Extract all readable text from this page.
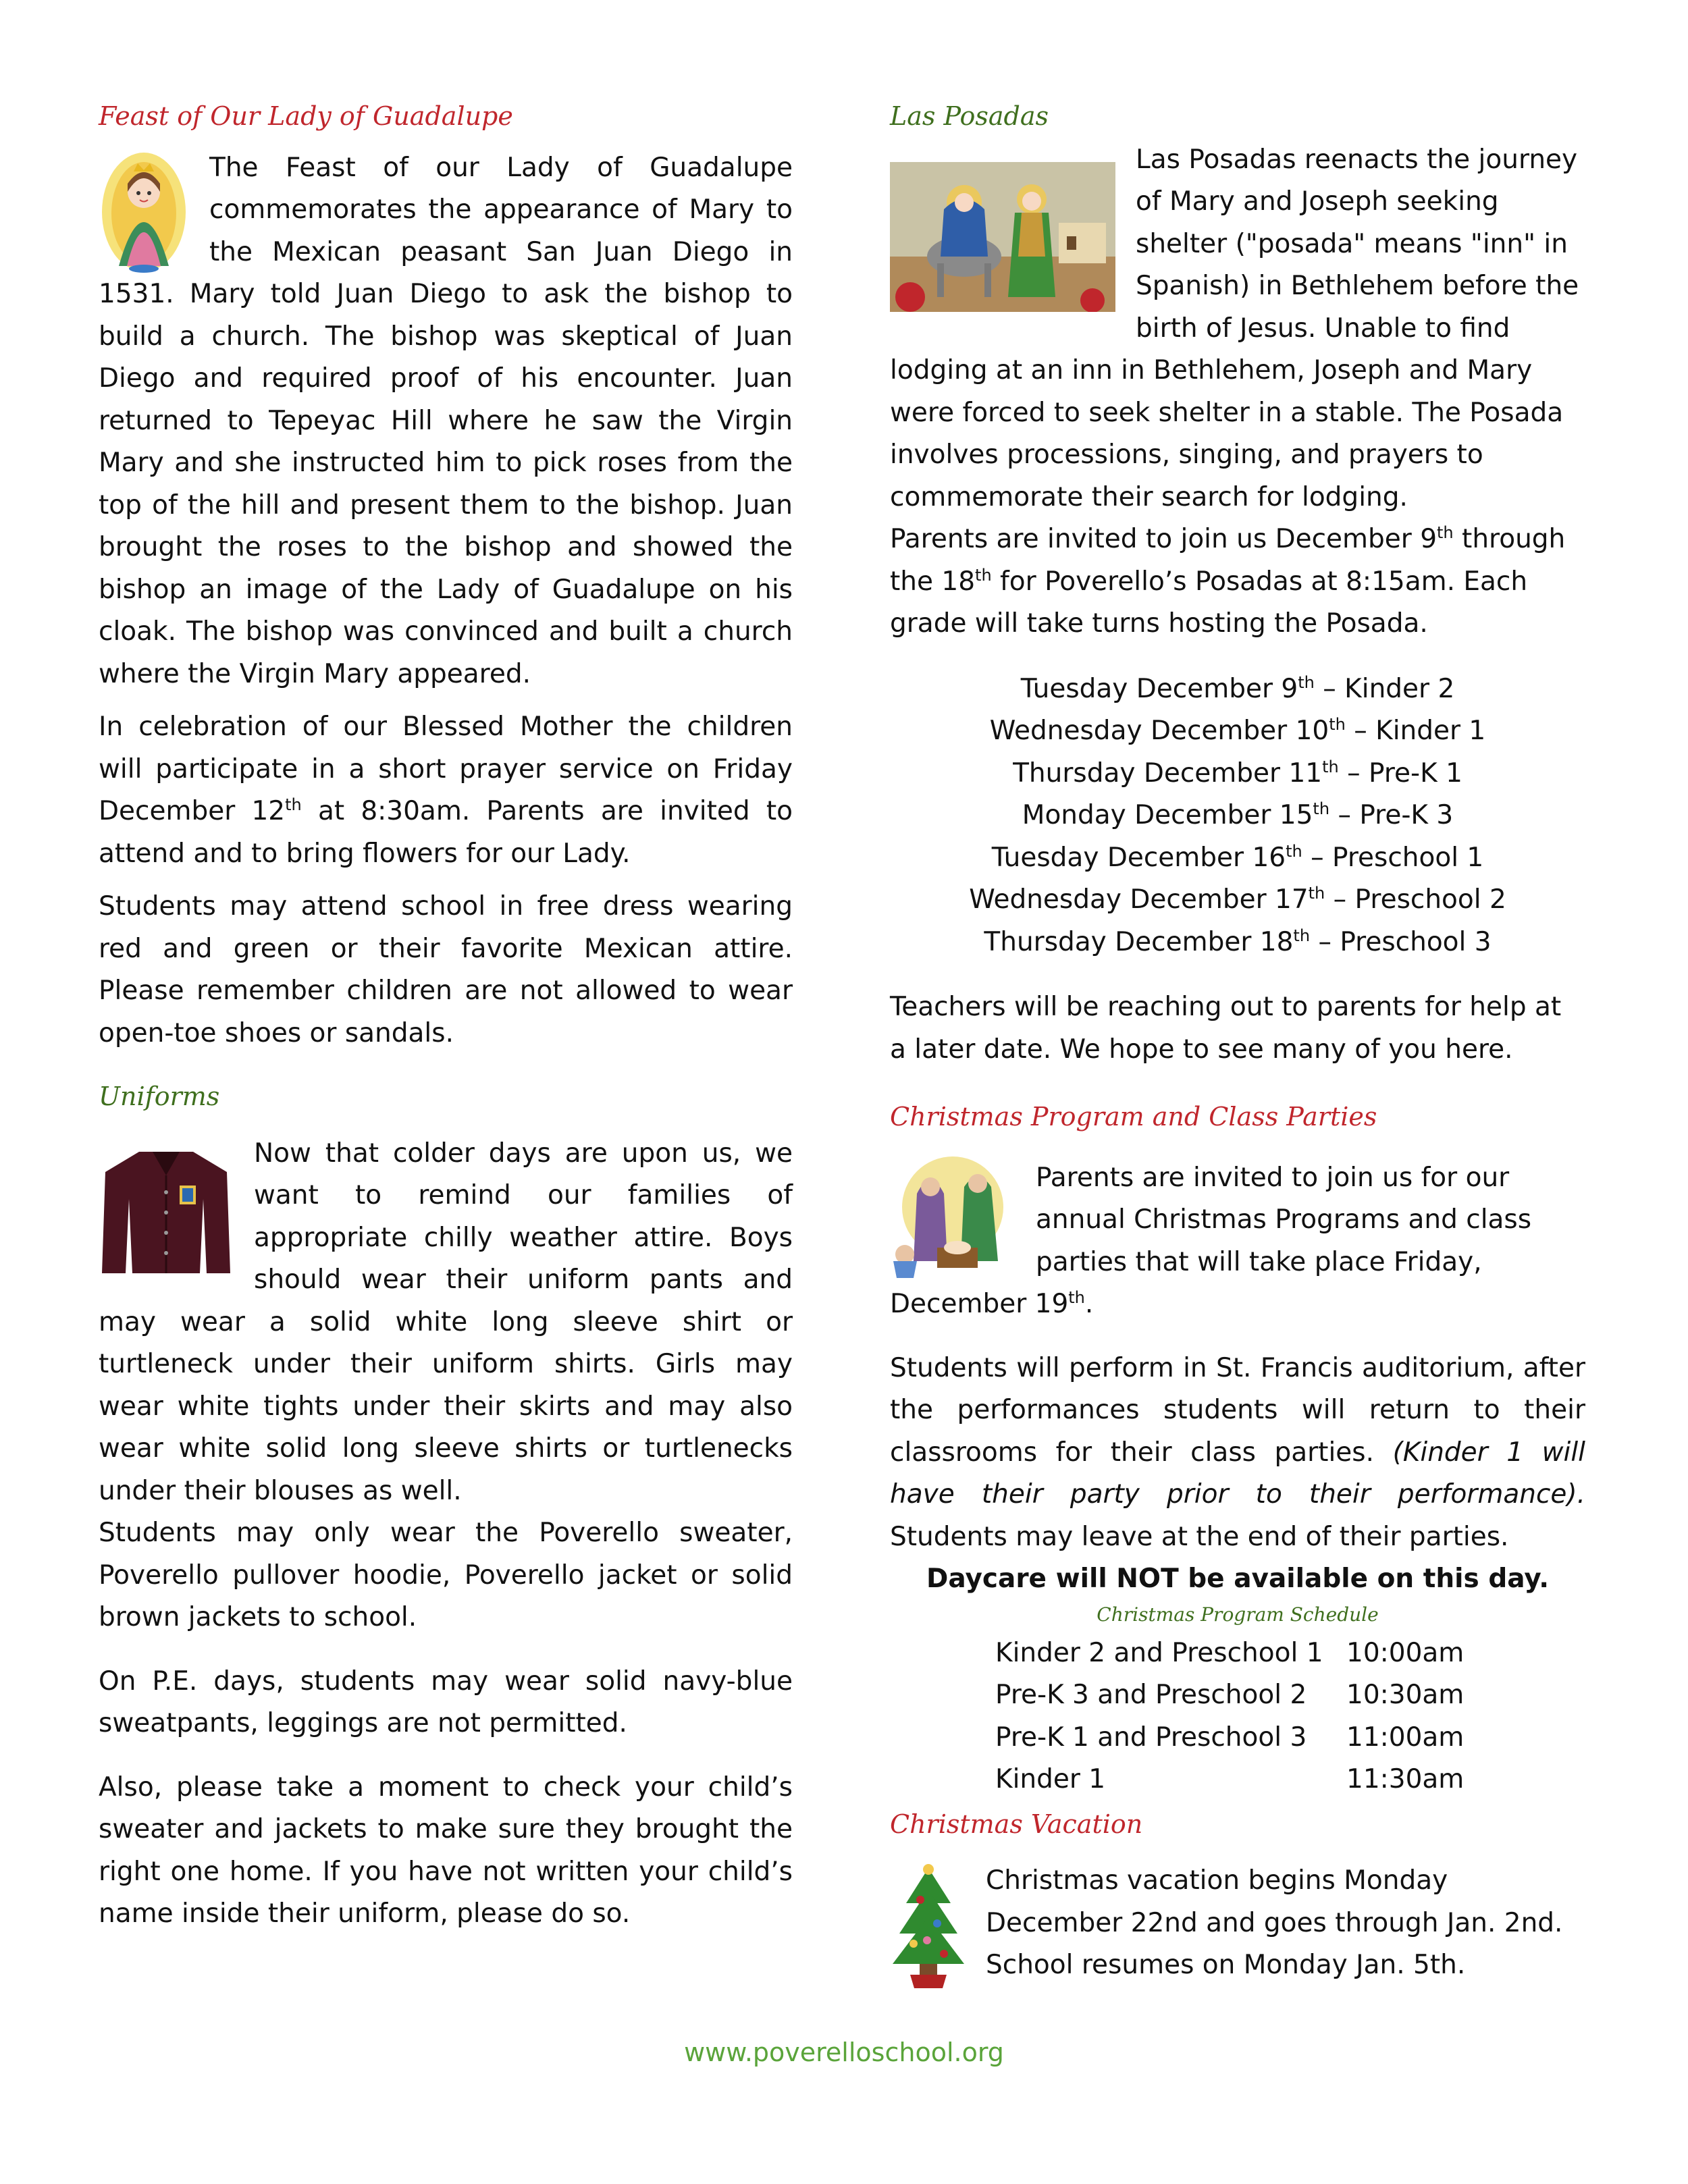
Feast of Our Lady of Guadalupe

The Feast of our Lady of Guadalupe commemorates the appearance of Mary to the Mexican peasant San Juan Diego in 1531. Mary told Juan Diego to ask the bishop to build a church. The bishop was skeptical of Juan Diego and required proof of his encounter. Juan returned to Tepeyac Hill where he saw the Virgin Mary and she instructed him to pick roses from the top of the hill and present them to the bishop. Juan brought the roses to the bishop and showed the bishop an image of the Lady of Guadalupe on his cloak. The bishop was convinced and built a church where the Virgin Mary appeared.

In celebration of our Blessed Mother the children will participate in a short prayer service on Friday December 12th at 8:30am. Parents are invited to attend and to bring flowers for our Lady.

Students may attend school in free dress wearing red and green or their favorite Mexican attire. Please remember children are not allowed to wear open-toe shoes or sandals.

Uniforms

Now that colder days are upon us, we want to remind our families of appropriate chilly weather attire. Boys should wear their uniform pants and may wear a solid white long sleeve shirt or turtleneck under their uniform shirts. Girls may wear white tights under their skirts and may also wear white solid long sleeve shirts or turtlenecks under their blouses as well.

Students may only wear the Poverello sweater, Poverello pullover hoodie, Poverello jacket or solid brown jackets to school.

On P.E. days, students may wear solid navy-blue sweatpants, leggings are not permitted.

Also, please take a moment to check your child’s sweater and jackets to make sure they brought the right one home. If you have not written your child’s name inside their uniform, please do so.

Las Posadas

Las Posadas reenacts the journey of Mary and Joseph seeking shelter ("posada" means "inn" in Spanish) in Bethlehem before the birth of Jesus. Unable to find lodging at an inn in Bethlehem, Joseph and Mary were forced to seek shelter in a stable. The Posada involves processions, singing, and prayers to commemorate their search for lodging.

Parents are invited to join us December 9th through the 18th for Poverello’s Posadas at 8:15am. Each grade will take turns hosting the Posada.

Tuesday December 9th – Kinder 2

Wednesday December 10th – Kinder 1

Thursday December 11th – Pre-K 1

Monday December 15th – Pre-K 3

Tuesday December 16th – Preschool 1

Wednesday December 17th – Preschool 2

Thursday December 18th – Preschool 3

Teachers will be reaching out to parents for help at a later date. We hope to see many of you here.

Christmas Program and Class Parties

Parents are invited to join us for our annual Christmas Programs and class parties that will take place Friday, December 19th.

Students will perform in St. Francis auditorium, after the performances students will return to their classrooms for their class parties. (Kinder 1 will have their party prior to their performance). Students may leave at the end of their parties.

Daycare will NOT be available on this day.

Christmas Program Schedule
Kinder 2 and Preschool 1 10:00am
Pre-K 3 and Preschool 2	10:30am
Pre-K 1 and Preschool 3	11:00am
Kinder 1	11:30am
Christmas Vacation

Christmas vacation begins Monday December 22nd and goes through Jan. 2nd. School resumes on Monday Jan. 5th.

www.poverelloschool.org
